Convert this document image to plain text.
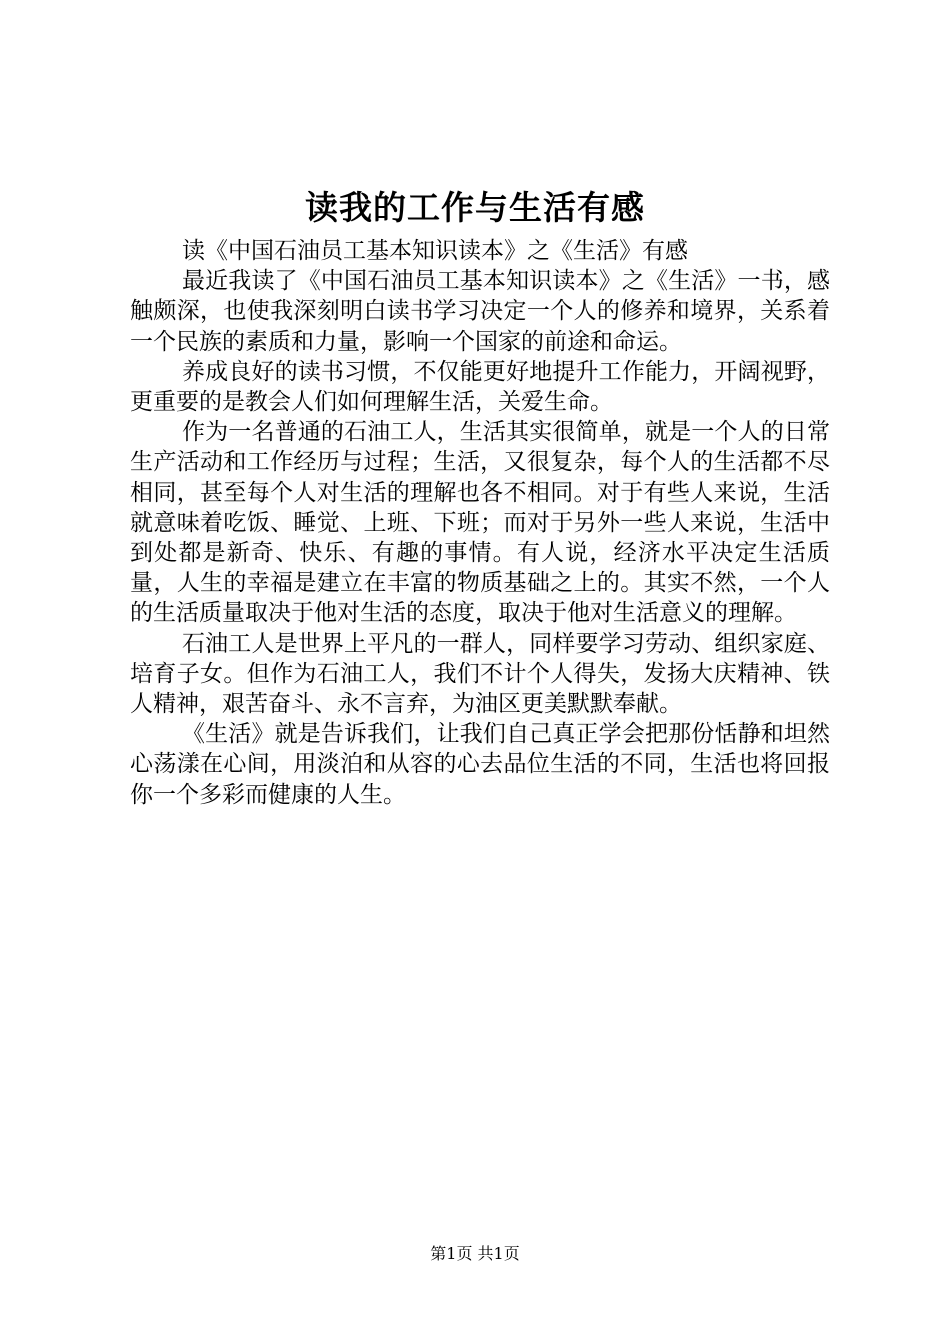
读我的工作与生活有感

读《中国石油员工基本知识读本》之《生活》有感

最近我读了《中国石油员工基本知识读本》之《生活》一书，感触颇深，也使我深刻明白读书学习决定一个人的修养和境界，关系着一个民族的素质和力量，影响一个国家的前途和命运。

养成良好的读书习惯，不仅能更好地提升工作能力，开阔视野，更重要的是教会人们如何理解生活，关爱生命。

作为一名普通的石油工人，生活其实很简单，就是一个人的日常生产活动和工作经历与过程；生活，又很复杂，每个人的生活都不尽相同，甚至每个人对生活的理解也各不相同。对于有些人来说，生活就意味着吃饭、睡觉、上班、下班；而对于另外一些人来说，生活中到处都是新奇、快乐、有趣的事情。有人说，经济水平决定生活质量，人生的幸福是建立在丰富的物质基础之上的。其实不然，一个人的生活质量取决于他对生活的态度，取决于他对生活意义的理解。

石油工人是世界上平凡的一群人，同样要学习劳动、组织家庭、培育子女。但作为石油工人，我们不计个人得失，发扬大庆精神、铁人精神，艰苦奋斗、永不言弃，为油区更美默默奉献。

《生活》就是告诉我们，让我们自己真正学会把那份恬静和坦然心荡漾在心间，用淡泊和从容的心去品位生活的不同，生活也将回报你一个多彩而健康的人生。

第1页 共1页
